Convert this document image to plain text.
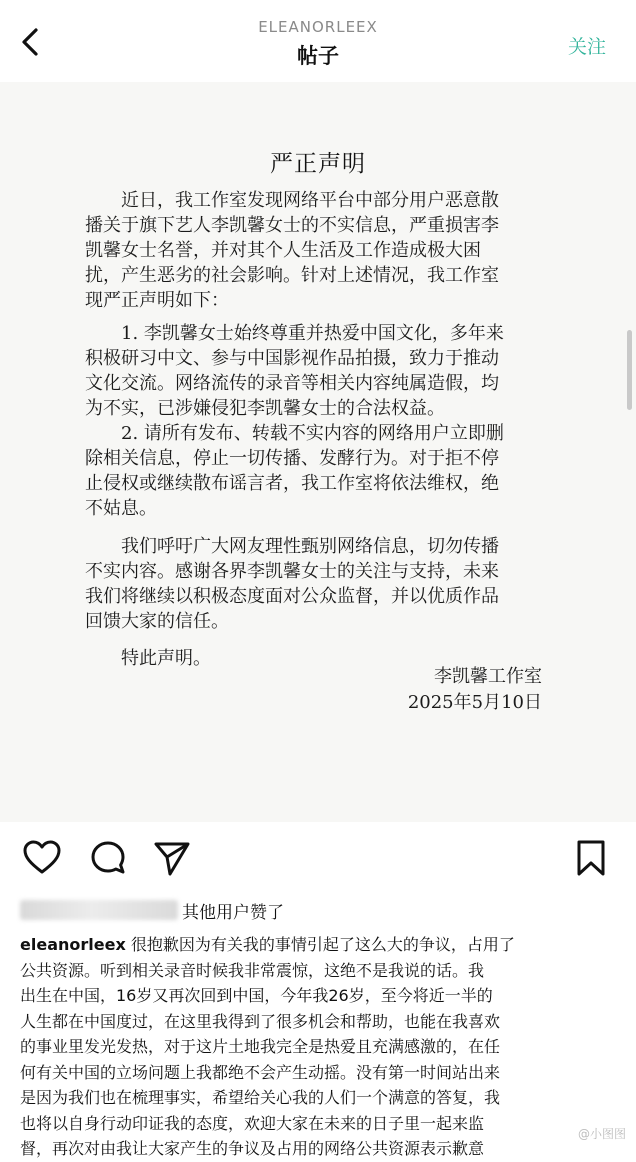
ELEANORLEEX
帖子	关注
严正声明
近日，我工作室发现网络平台中部分用户恶意散
播关于旗下艺人李凯馨女士的不实信息，严重损害李
凯馨女士名誉，并对其个人生活及工作造成极大困
扰，产生恶劣的社会影响。针对上述情况，我工作室
现严正声明如下：
1. 李凯馨女士始终尊重并热爱中国文化，多年来
积极研习中文、参与中国影视作品拍摄，致力于推动
文化交流。网络流传的录音等相关内容纯属造假，均
为不实，已涉嫌侵犯李凯馨女士的合法权益。
2. 请所有发布、转载不实内容的网络用户立即删
除相关信息，停止一切传播、发酵行为。对于拒不停
止侵权或继续散布谣言者，我工作室将依法维权，绝
不姑息。
我们呼吁广大网友理性甄别网络信息，切勿传播
不实内容。感谢各界李凯馨女士的关注与支持，未来
我们将继续以积极态度面对公众监督，并以优质作品
回馈大家的信任。
特此声明。
李凯馨工作室
2025年5月10日
其他用户赞了
eleanorleex 很抱歉因为有关我的事情引起了这么大的争议，占用了
公共资源。听到相关录音时候我非常震惊，这绝不是我说的话。我
出生在中国，16岁又再次回到中国，今年我26岁，至今将近一半的
人生都在中国度过，在这里我得到了很多机会和帮助，也能在我喜欢
的事业里发光发热，对于这片土地我完全是热爱且充满感激的，在任
何有关中国的立场问题上我都绝不会产生动摇。没有第一时间站出来
是因为我们也在梳理事实，希望给关心我的人们一个满意的答复，我
也将以自身行动印证我的态度，欢迎大家在未来的日子里一起来监
督，再次对由我让大家产生的争议及占用的网络公共资源表示歉意
@小图图
